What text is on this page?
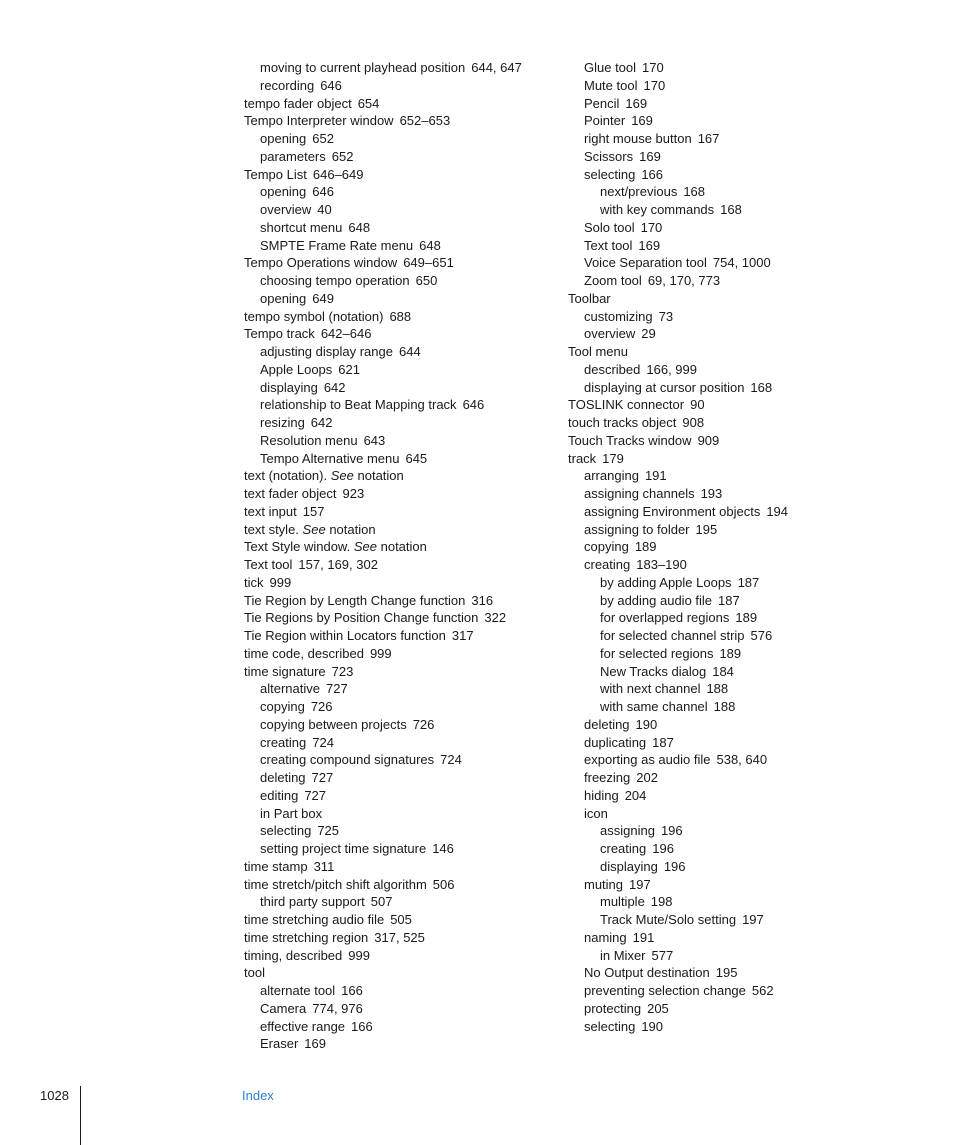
moving to current playhead position 644, 647
recording 646
tempo fader object 654
Tempo Interpreter window 652–653
opening 652
parameters 652
Tempo List 646–649
opening 646
overview 40
shortcut menu 648
SMPTE Frame Rate menu 648
Tempo Operations window 649–651
choosing tempo operation 650
opening 649
tempo symbol (notation) 688
Tempo track 642–646
adjusting display range 644
Apple Loops 621
displaying 642
relationship to Beat Mapping track 646
resizing 642
Resolution menu 643
Tempo Alternative menu 645
text (notation). See notation
text fader object 923
text input 157
text style. See notation
Text Style window. See notation
Text tool 157, 169, 302
tick 999
Tie Region by Length Change function 316
Tie Regions by Position Change function 322
Tie Region within Locators function 317
time code, described 999
time signature 723
alternative 727
copying 726
copying between projects 726
creating 724
creating compound signatures 724
deleting 727
editing 727
in Part box
selecting 725
setting project time signature 146
time stamp 311
time stretch/pitch shift algorithm 506
third party support 507
time stretching audio file 505
time stretching region 317, 525
timing, described 999
tool
alternate tool 166
Camera 774, 976
effective range 166
Eraser 169
Glue tool 170
Mute tool 170
Pencil 169
Pointer 169
right mouse button 167
Scissors 169
selecting 166
next/previous 168
with key commands 168
Solo tool 170
Text tool 169
Voice Separation tool 754, 1000
Zoom tool 69, 170, 773
Toolbar
customizing 73
overview 29
Tool menu
described 166, 999
displaying at cursor position 168
TOSLINK connector 90
touch tracks object 908
Touch Tracks window 909
track 179
arranging 191
assigning channels 193
assigning Environment objects 194
assigning to folder 195
copying 189
creating 183–190
by adding Apple Loops 187
by adding audio file 187
for overlapped regions 189
for selected channel strip 576
for selected regions 189
New Tracks dialog 184
with next channel 188
with same channel 188
deleting 190
duplicating 187
exporting as audio file 538, 640
freezing 202
hiding 204
icon
assigning 196
creating 196
displaying 196
muting 197
multiple 198
Track Mute/Solo setting 197
naming 191
in Mixer 577
No Output destination 195
preventing selection change 562
protecting 205
selecting 190
1028	Index
